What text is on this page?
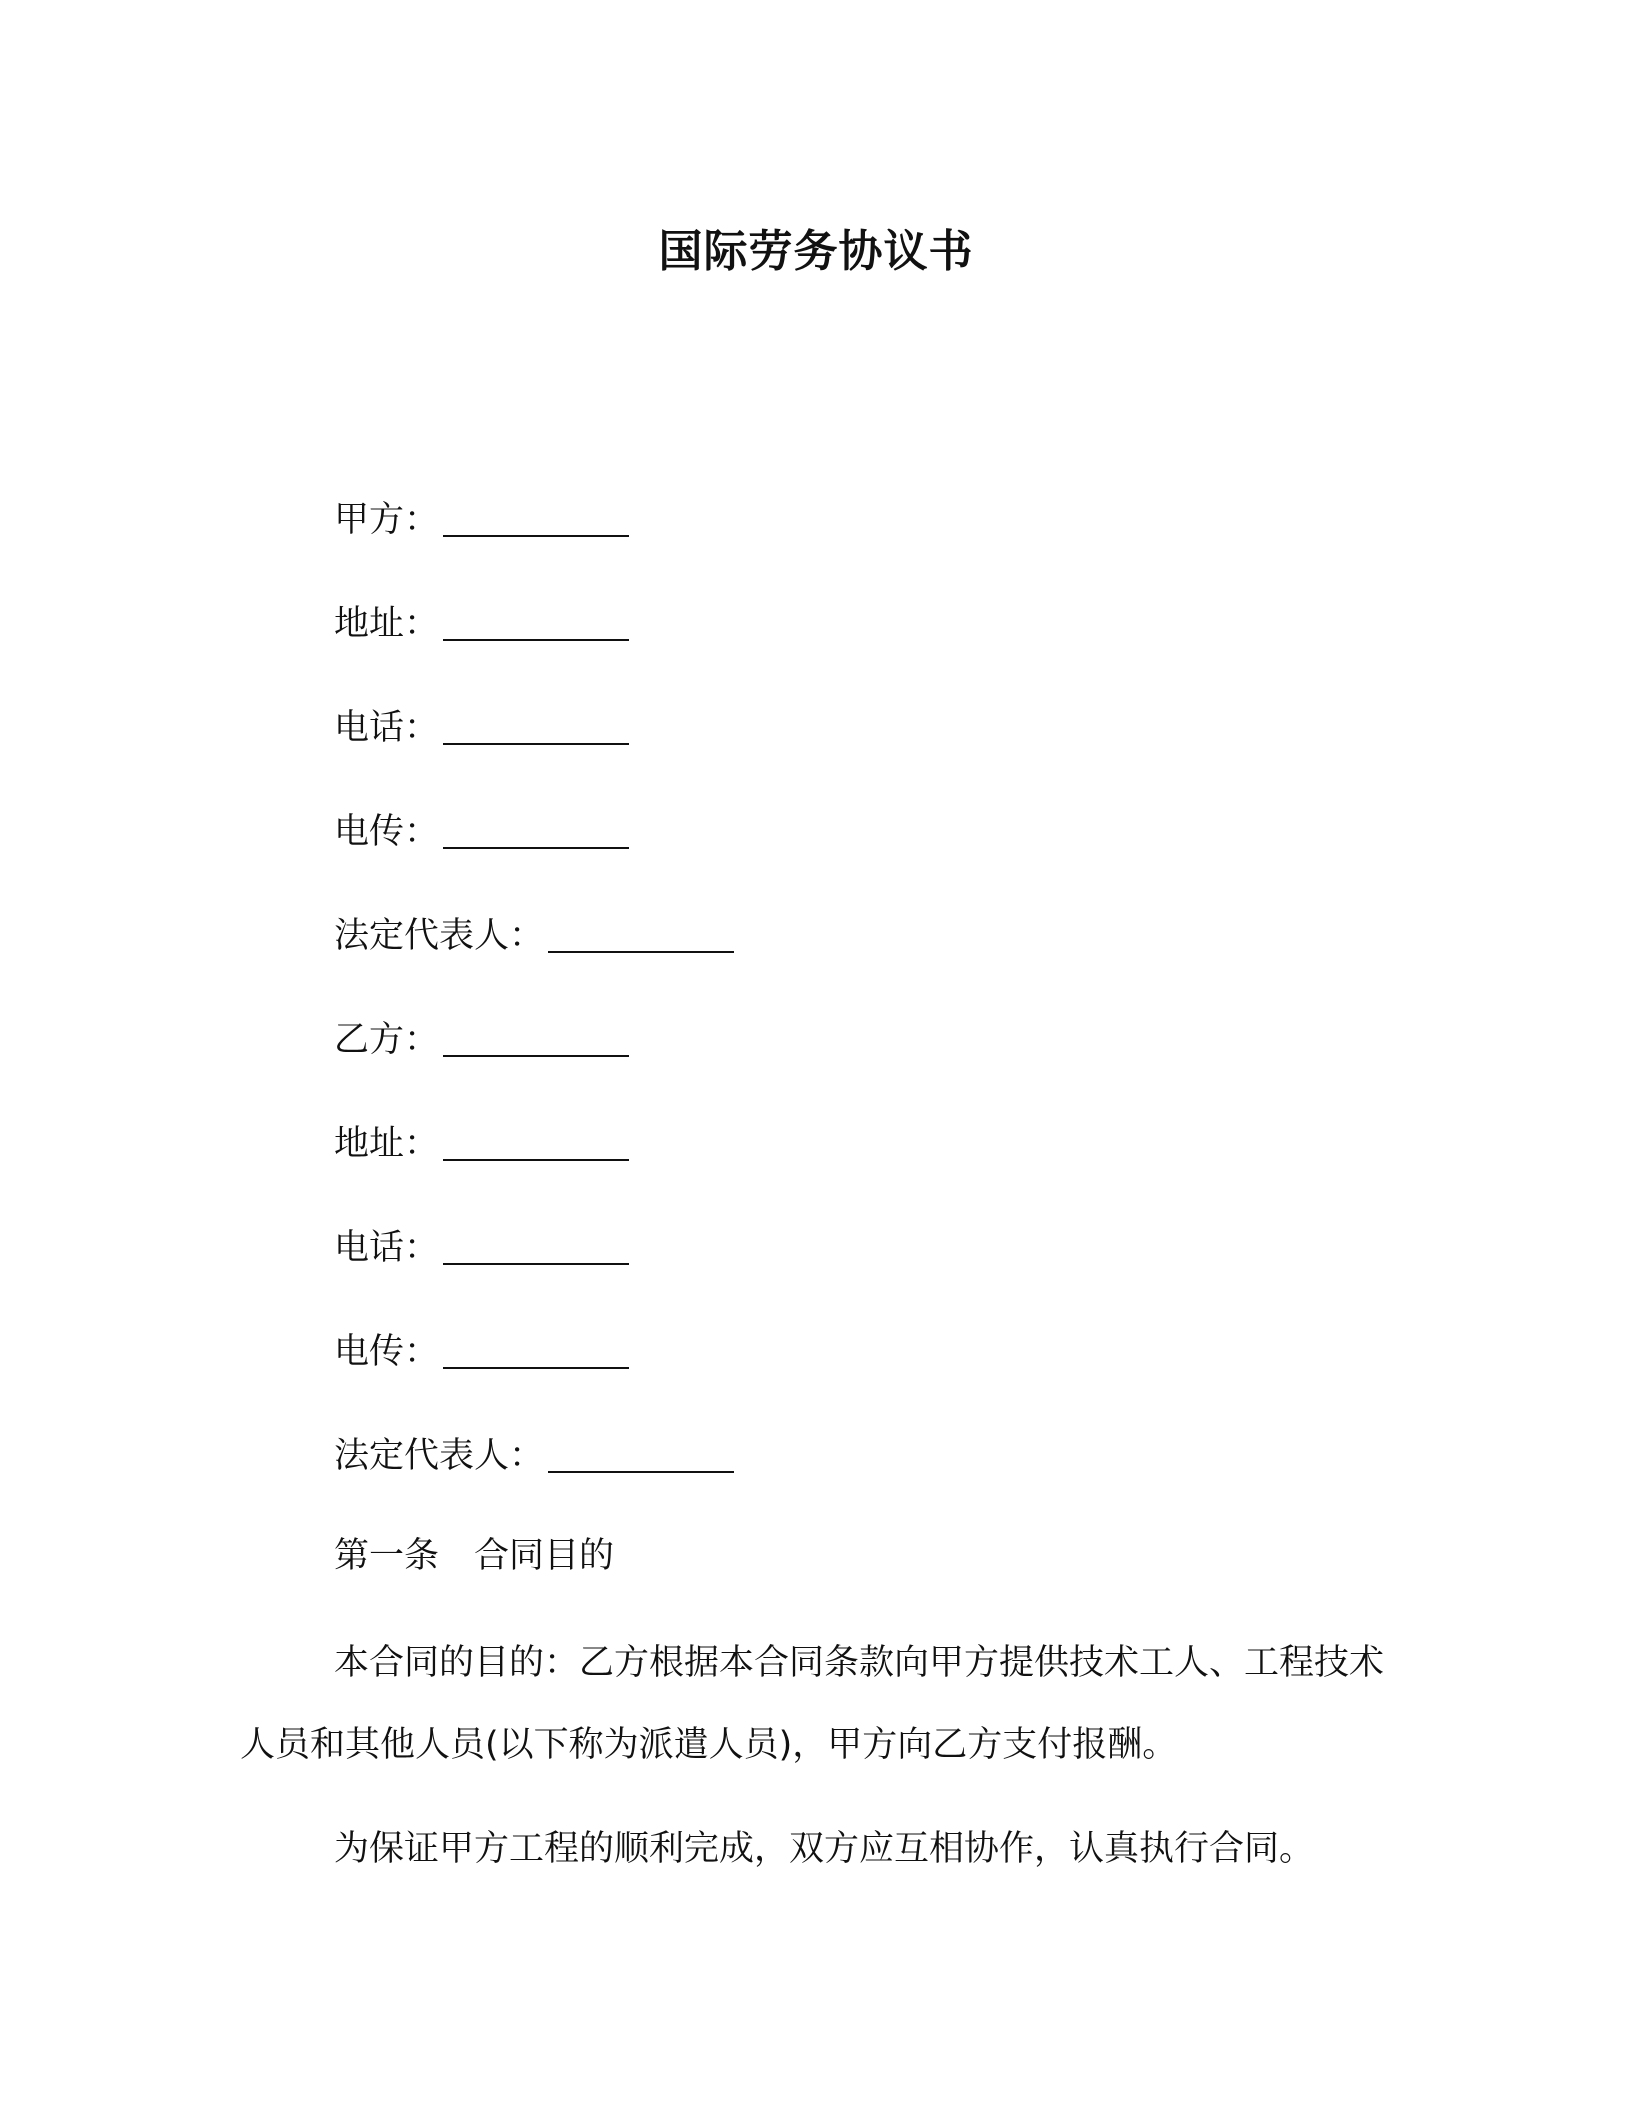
国际劳务协议书
甲方：
地址：
电话：
电传：
法定代表人：
乙方：
地址：
电话：
电传：
法定代表人：
第一条　合同目的
本合同的目的：乙方根据本合同条款向甲方提供技术工人、工程技术人员和其他人员(以下称为派遣人员)，甲方向乙方支付报酬。
为保证甲方工程的顺利完成，双方应互相协作，认真执行合同。
